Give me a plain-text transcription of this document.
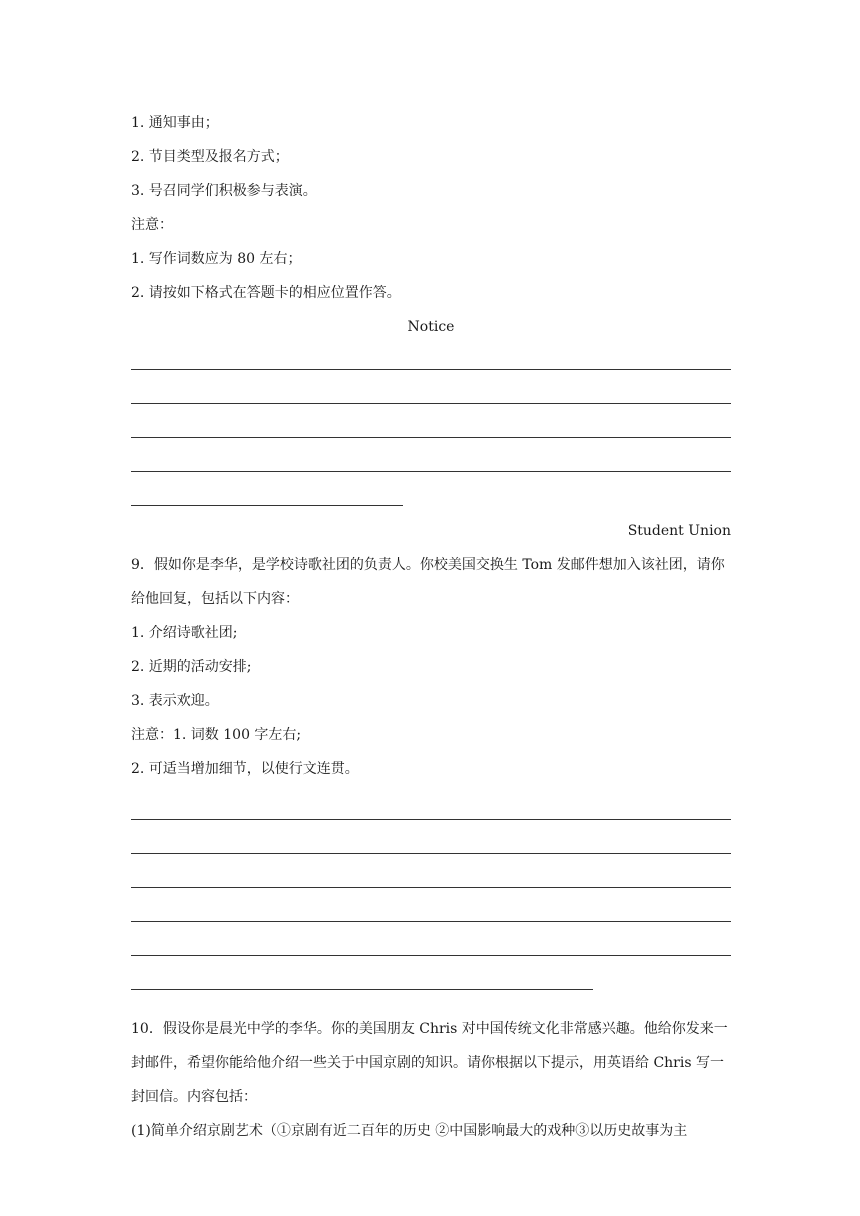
1. 通知事由；
2. 节目类型及报名方式；
3. 号召同学们积极参与表演。
注意：
1. 写作词数应为 80 左右；
2. 请按如下格式在答题卡的相应位置作答。
Notice
Student Union
9．假如你是李华，是学校诗歌社团的负责人。你校美国交换生 Tom 发邮件想加入该社团，请你给他回复，包括以下内容：
1. 介绍诗歌社团;
2. 近期的活动安排;
3. 表示欢迎。
注意：1. 词数 100 字左右;
2. 可适当增加细节，以使行文连贯。
10．假设你是晨光中学的李华。你的美国朋友 Chris 对中国传统文化非常感兴趣。他给你发来一封邮件，希望你能给他介绍一些关于中国京剧的知识。请你根据以下提示，用英语给 Chris 写一封回信。内容包括：
(1)简单介绍京剧艺术（①京剧有近二百年的历史 ②中国影响最大的戏种③以历史故事为主
